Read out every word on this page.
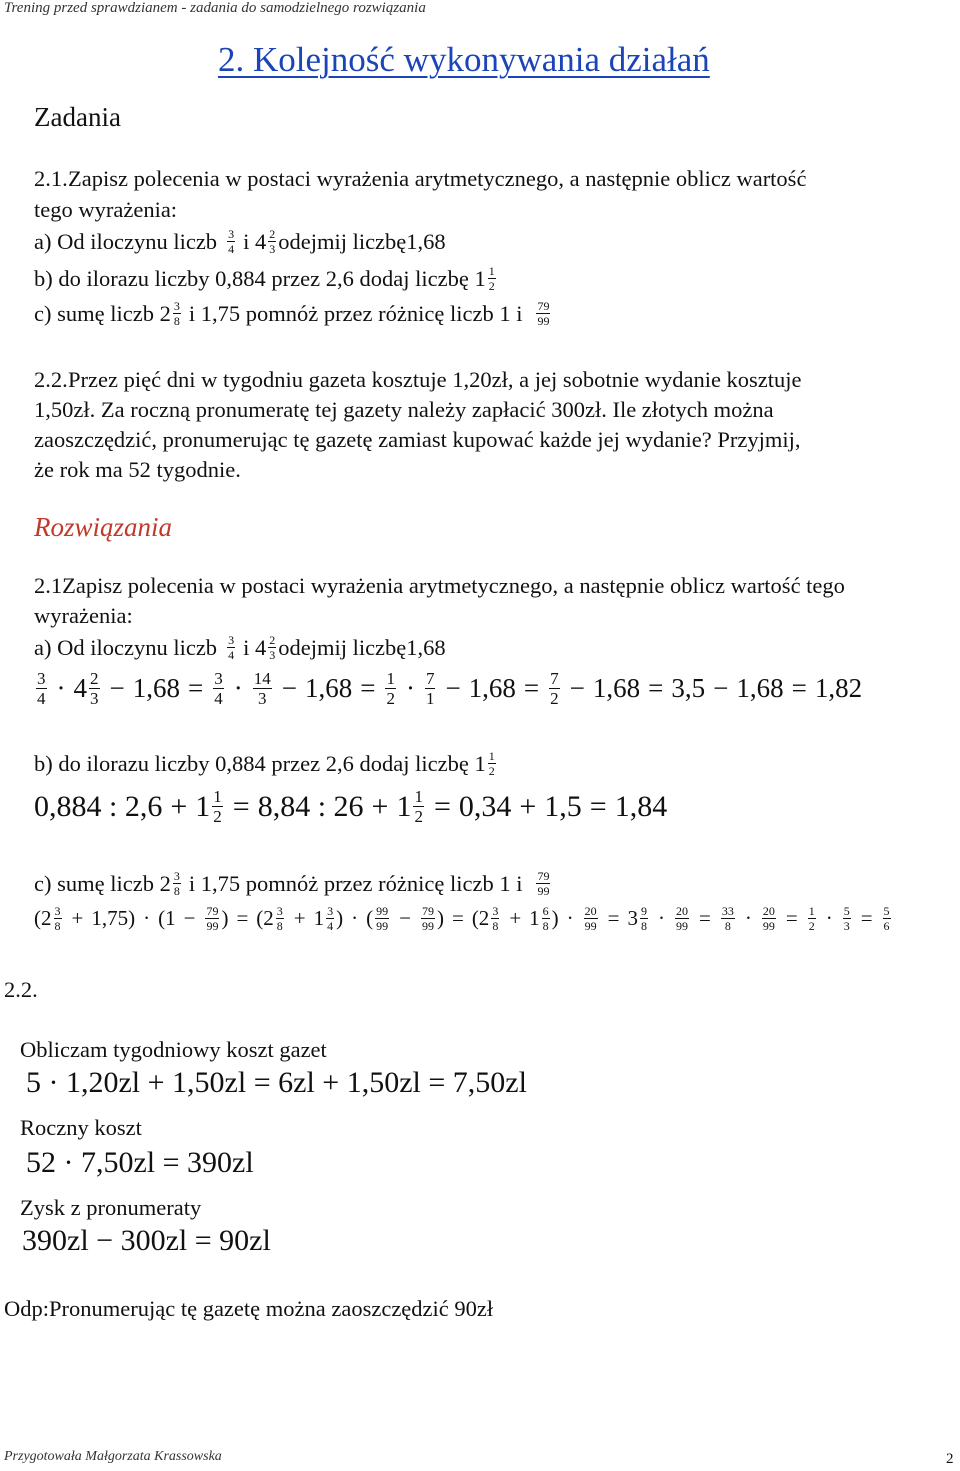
Trening przed sprawdzianem - zadania do samodzielnego rozwiązania
2. Kolejność wykonywania działań
Zadania
2.1. Zapisz polecenia w postaci wyrażenia arytmetycznego, a następnie oblicz wartość
tego wyrażenia:
a) Od iloczynu liczb $\frac{3}{4}$ i $4 \frac{2}{3}$ odejmij liczbę1,68
b) do ilorazu liczby 0,884 przez 2,6 dodaj liczbę $1 \frac{1}{2}$
c) sumę liczb $2 \frac{3}{8}$ i 1,75 pomnóż przez różnicę liczb 1 i $\frac{79}{99}$
2.2. Przez pięć dni w tygodniu gazeta kosztuje 1,20zł, a jej sobotnie wydanie kosztuje
1,50zł. Za roczną pronumeratę tej gazety należy zapłacić 300zł. Ile złotych można
zaoszczędzić, pronumerując tę gazetę zamiast kupować każde jej wydanie? Przyjmij,
że rok ma 52 tygodnie.
Rozwiązania
2.1Zapisz polecenia w postaci wyrażenia arytmetycznego, a następnie oblicz wartość tego
wyrażenia:
a) Od iloczynu liczb $\frac{3}{4}$ i $4 \frac{2}{3}$ odejmij liczbę1,68
$\frac{3}{4} \cdot 4 \frac{2}{3} - 1,68 = \frac{3}{4} \cdot \frac{14}{3} - 1,68 = \frac{1}{2} \cdot \frac{7}{1} - 1,68 = \frac{7}{2} - 1,68 = 3,5 - 1,68 = 1,82$
b) do ilorazu liczby 0,884 przez 2,6 dodaj liczbę $1 \frac{1}{2}$
0,884 : $2,6 + 1 \frac{1}{2} = 8,84$ : $26 + 1 \frac{1}{2} = 0,34 + 1,5 = 1,84$
c) sumę liczb $2 \frac{3}{8}$ i 1,75 pomnóż przez różnicę liczb 1 i $\frac{79}{99}$
$(2 \frac{3}{8} + 1,75) \cdot (1 - \frac{79}{99}$ ) = ($2 \frac{3}{8} + 1 \frac{3}{4}$ ) · ( $\frac{99}{99} - \frac{79}{99}$ ) = ($2 \frac{3}{8} + 1 \frac{6}{8}$ ) · $\frac{20}{99} = 3 \frac{9}{8} \cdot \frac{20}{99} = \frac{33}{8} \cdot \frac{20}{99} = \frac{1}{2} \cdot \frac{5}{3} = \frac{5}{6}$
2.2.
Obliczam tygodniowy koszt gazet
5 · 1,20zl + 1,50zl = 6zl + 1,50zl = 7,50zl
Roczny koszt
52 · 7,50zl = 390zl
Zysk z pronumeraty
390zl − 300zl = 90zl
Odp:Pronumerując tę gazetę można zaoszczędzić 90zł
Przygotowała Małgorzata Krassowska	2
